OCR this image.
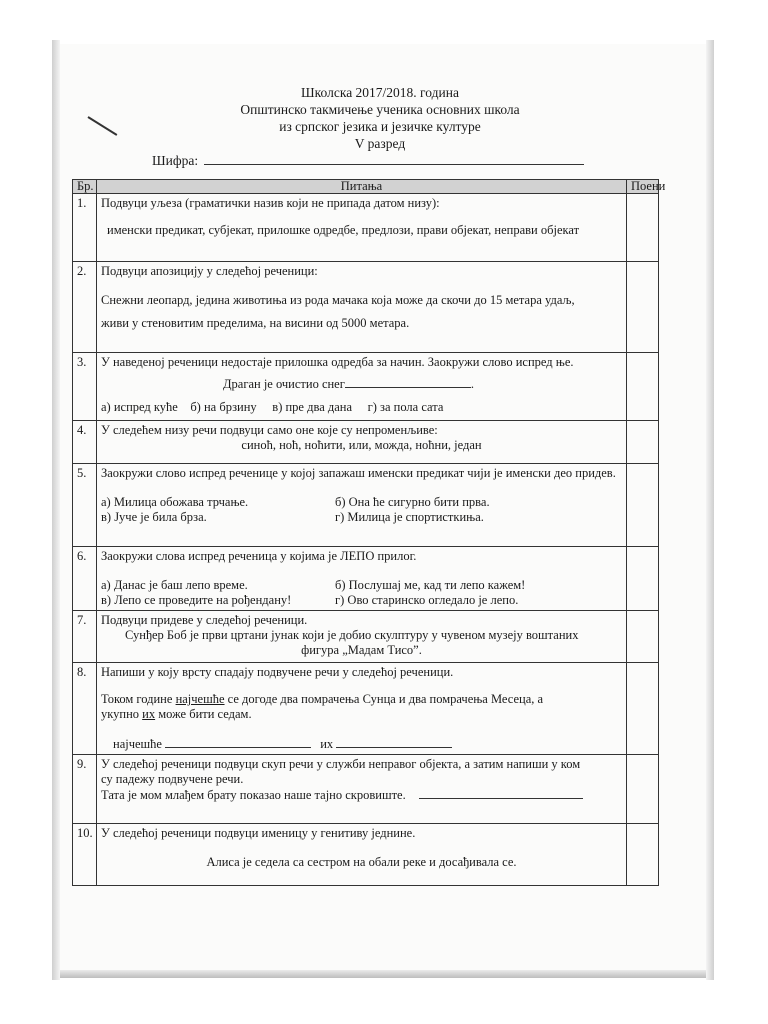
Школска 2017/2018. година
Општинско такмичење ученика основних школа
из српског језика и језичке културе
V разред
Шифра:
Бр.	Питања	Поени
1.	Подвуци уљеза (граматички назив који не припада датом низу):
именски предикат, субјекат, прилошке одредбе, предлози, прави објекат, неправи објекат	

2.	Подвуци апозицију у следећој реченици:
Снежни леопард, једина животиња из рода мачака која може да скочи до 15 метара удаљ,
живи у стеновитим пределима, на висини од 5000 метара.	

3.	У наведеној реченици недостаје прилошка одредба за начин. Заокружи слово испред ње.
Драган је очистио снег .
а) испред куће    б) на брзину     в) пре два дана     г) за пола сата	

4.	У следећем низу речи подвуци само оне које су непроменљиве:
синоћ, ноћ, ноћити, или, можда, ноћни, један	

5.	Заокружи слово испред реченице у којој запажаш именски предикат чији је именски део придев.
а) Милица обожава трчање. б) Она ће сигурно бити прва.
в) Јуче је била брза. г) Милица је спортисткиња.	

6.	Заокружи слова испред реченица у којима је ЛЕПО прилог.
а) Данас је баш лепо време. б) Послушај ме, кад ти лепо кажем!
в) Лепо се проведите на рођендану! г) Ово старинско огледало је лепо.	

7.	Подвуци придеве у следећој реченици.
Сунђер Боб је први цртани јунак који је добио скулптуру у чувеном музеју воштаних
фигура „Мадам Тисо”.	

8.	Напиши у коју врсту спадају подвучене речи у следећој реченици.
Током године најчешће се догоде два помрачења Сунца и два помрачења Месеца, а
укупно их може бити седам.
најчешће их	

9.	У следећој реченици подвуци скуп речи у служби неправог објекта, а затим напиши у ком
су падежу подвучене речи.
Тата је мом млађем брату показао наше тајно скровиште.	

10.	У следећој реченици подвуци именицу у генитиву једнине.
Алиса је седела са сестром на обали реке и досађивала се.	
